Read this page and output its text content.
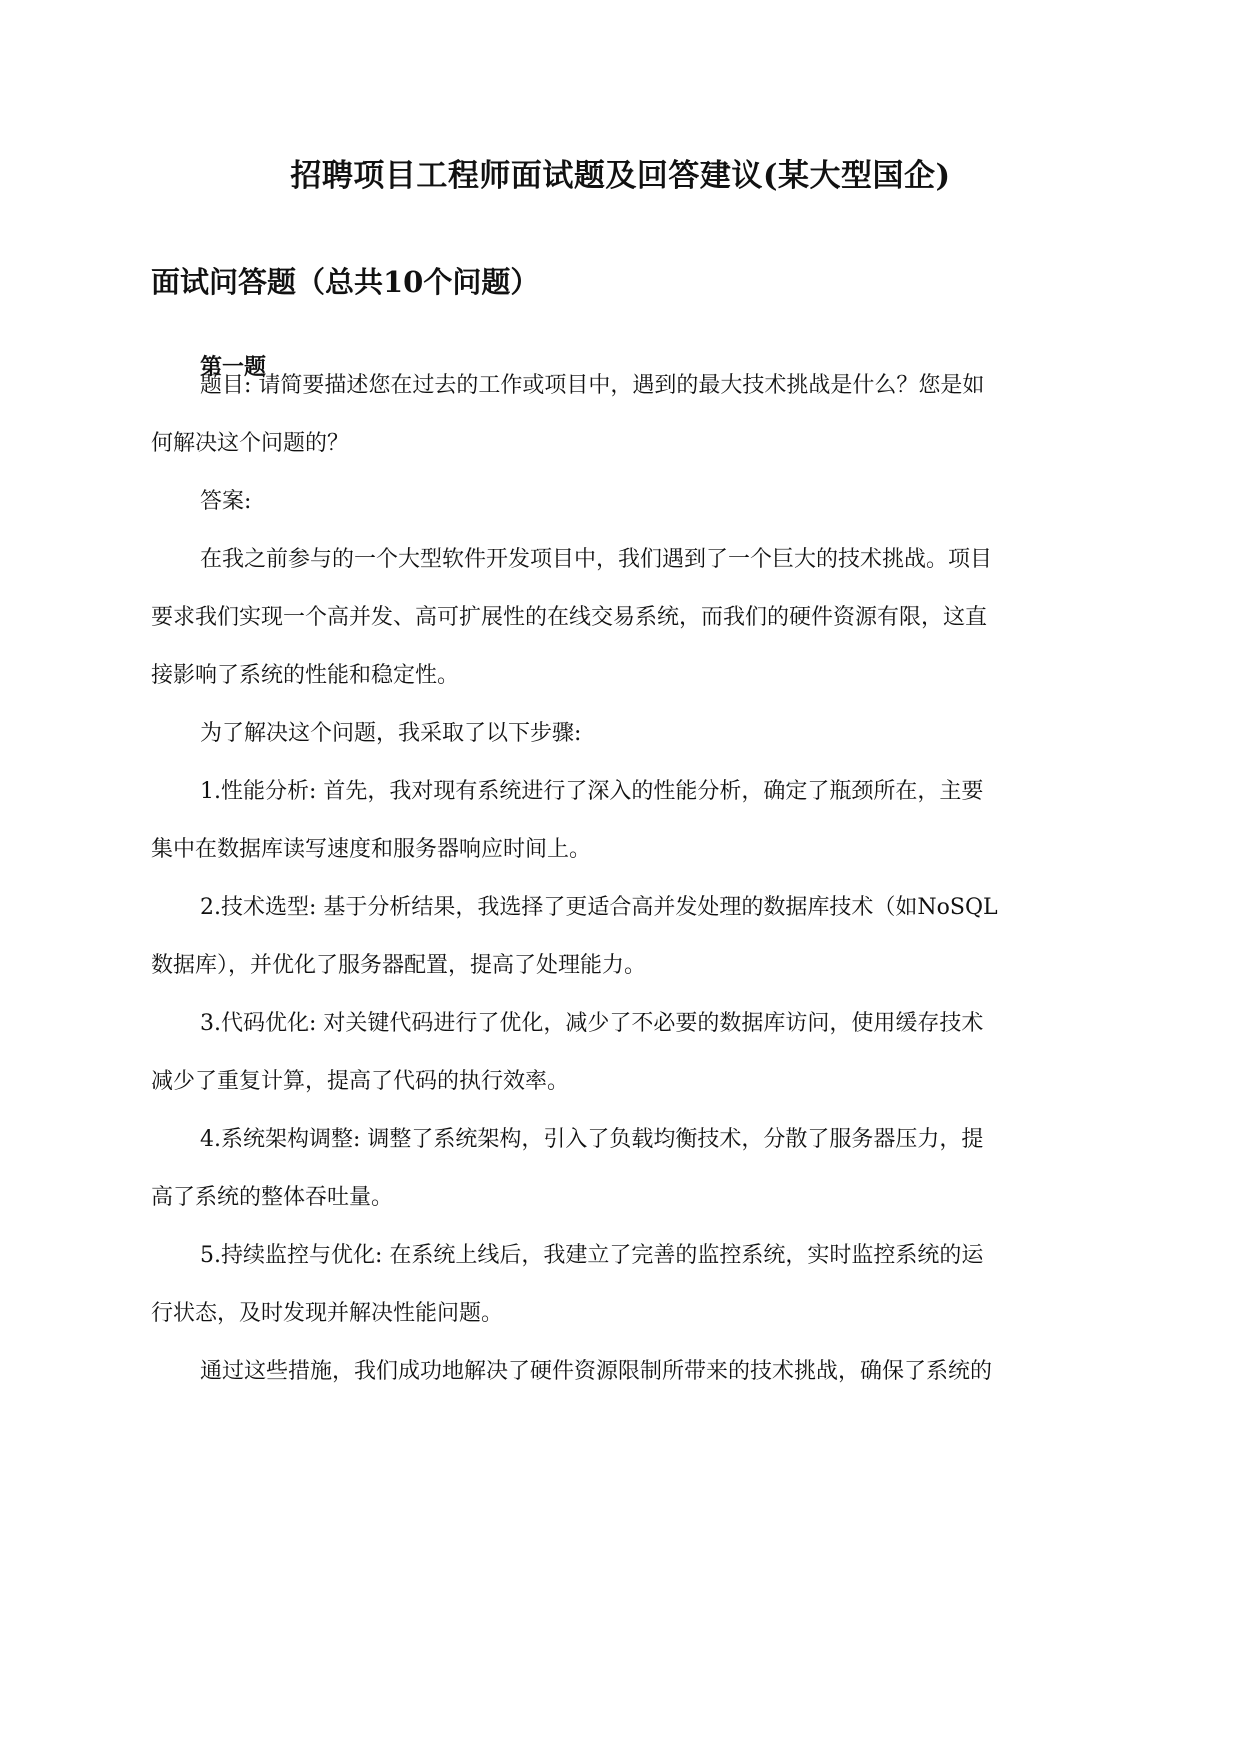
招聘项目工程师面试题及回答建议(某大型国企)
面试问答题（总共10个问题）
第一题
题目: 请简要描述您在过去的工作或项目中，遇到的最大技术挑战是什么？您是如
何解决这个问题的？
答案:
在我之前参与的一个大型软件开发项目中，我们遇到了一个巨大的技术挑战。项目
要求我们实现一个高并发、高可扩展性的在线交易系统，而我们的硬件资源有限，这直
接影响了系统的性能和稳定性。
为了解决这个问题，我采取了以下步骤:
1.性能分析: 首先，我对现有系统进行了深入的性能分析，确定了瓶颈所在，主要
集中在数据库读写速度和服务器响应时间上。
2.技术选型: 基于分析结果，我选择了更适合高并发处理的数据库技术（如NoSQL
数据库），并优化了服务器配置，提高了处理能力。
3.代码优化: 对关键代码进行了优化，减少了不必要的数据库访问，使用缓存技术
减少了重复计算，提高了代码的执行效率。
4.系统架构调整: 调整了系统架构，引入了负载均衡技术，分散了服务器压力，提
高了系统的整体吞吐量。
5.持续监控与优化: 在系统上线后，我建立了完善的监控系统，实时监控系统的运
行状态，及时发现并解决性能问题。
通过这些措施，我们成功地解决了硬件资源限制所带来的技术挑战，确保了系统的
